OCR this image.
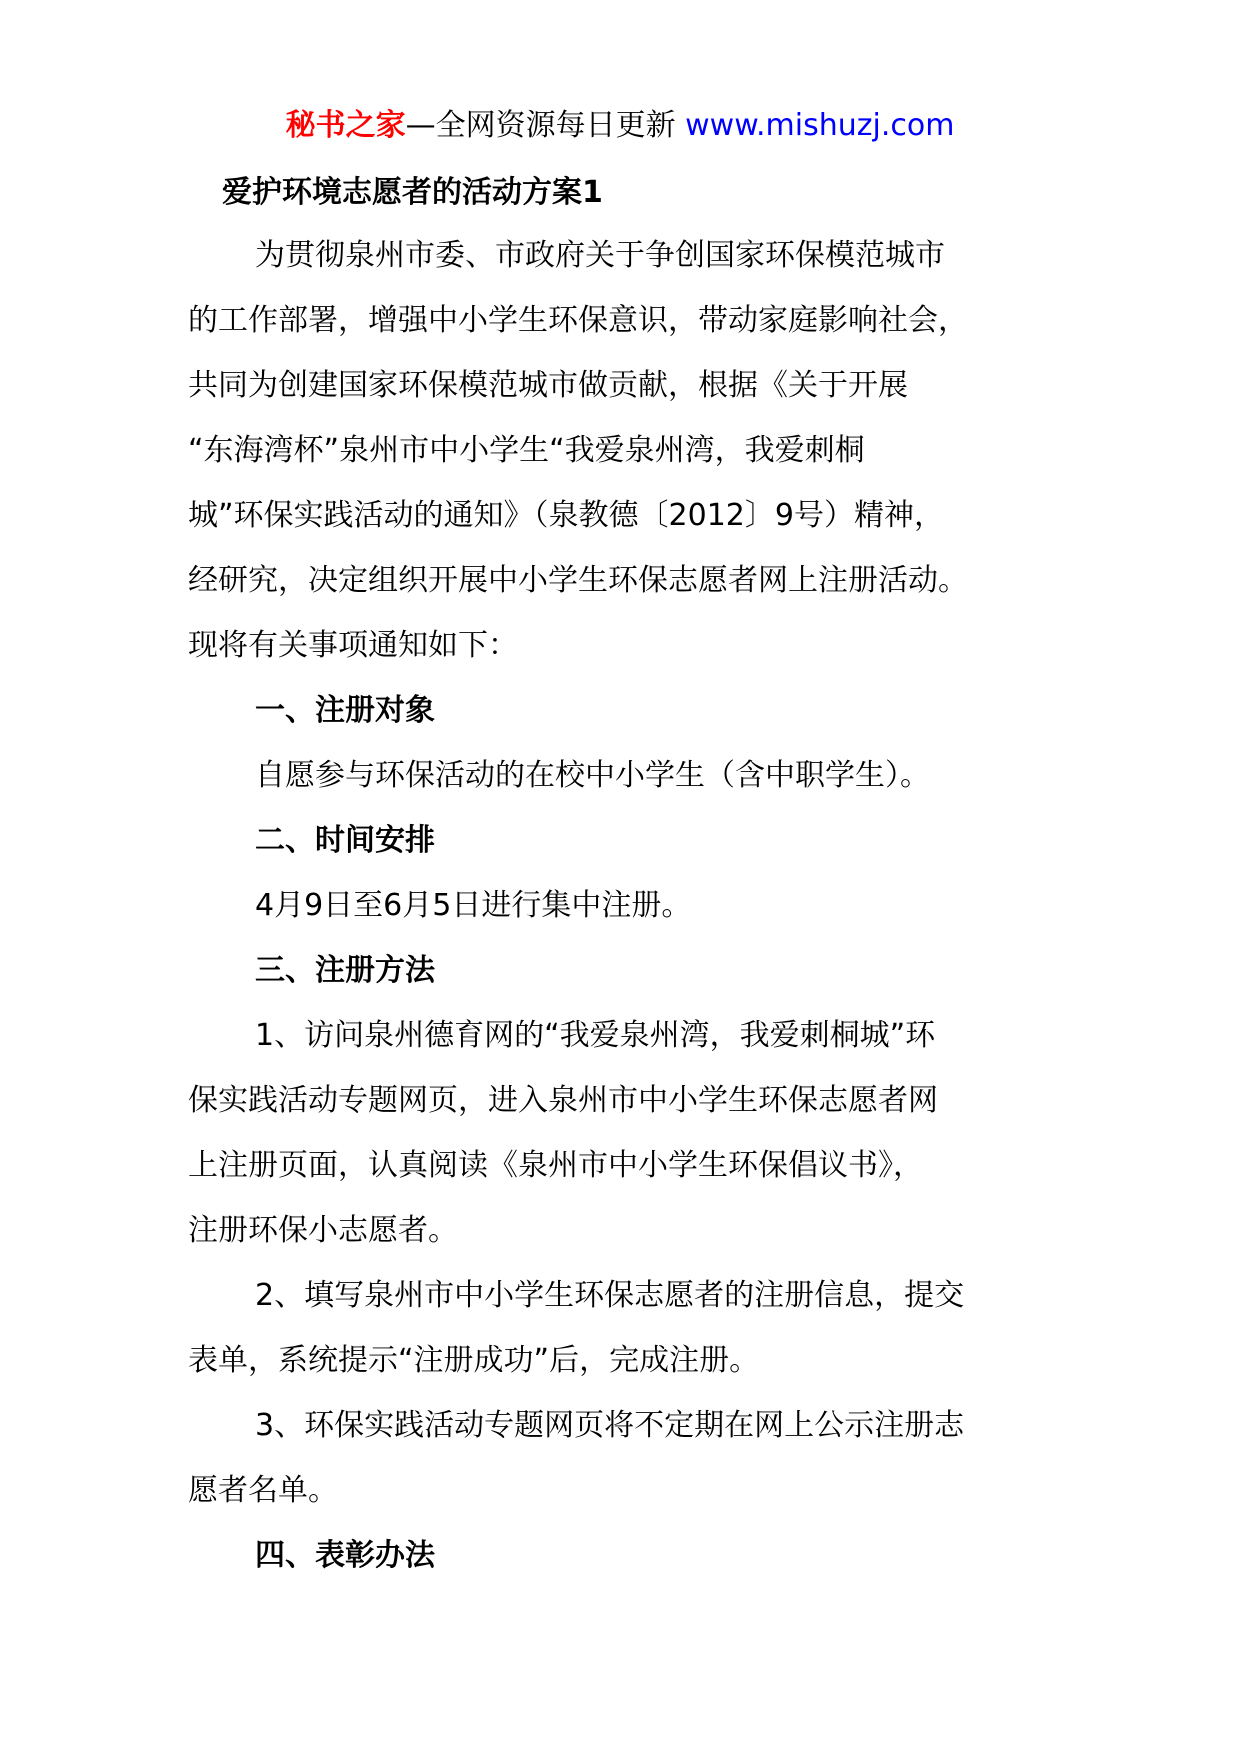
秘书之家—全网资源每日更新 www.mishuzj.com
爱护环境志愿者的活动方案1

为贯彻泉州市委、市政府关于争创国家环保模范城市
的工作部署，增强中小学生环保意识，带动家庭影响社会，
共同为创建国家环保模范城市做贡献，根据《关于开展
“东海湾杯”泉州市中小学生“我爱泉州湾，我爱刺桐
城”环保实践活动的通知》（泉教德〔2012〕9号）精神，
经研究，决定组织开展中小学生环保志愿者网上注册活动。
现将有关事项通知如下：

一、注册对象

自愿参与环保活动的在校中小学生（含中职学生）。

二、时间安排

4月9日至6月5日进行集中注册。

三、注册方法

1、访问泉州德育网的“我爱泉州湾，我爱刺桐城”环
保实践活动专题网页，进入泉州市中小学生环保志愿者网
上注册页面，认真阅读《泉州市中小学生环保倡议书》，
注册环保小志愿者。

2、填写泉州市中小学生环保志愿者的注册信息，提交
表单，系统提示“注册成功”后，完成注册。

3、环保实践活动专题网页将不定期在网上公示注册志
愿者名单。

四、表彰办法
